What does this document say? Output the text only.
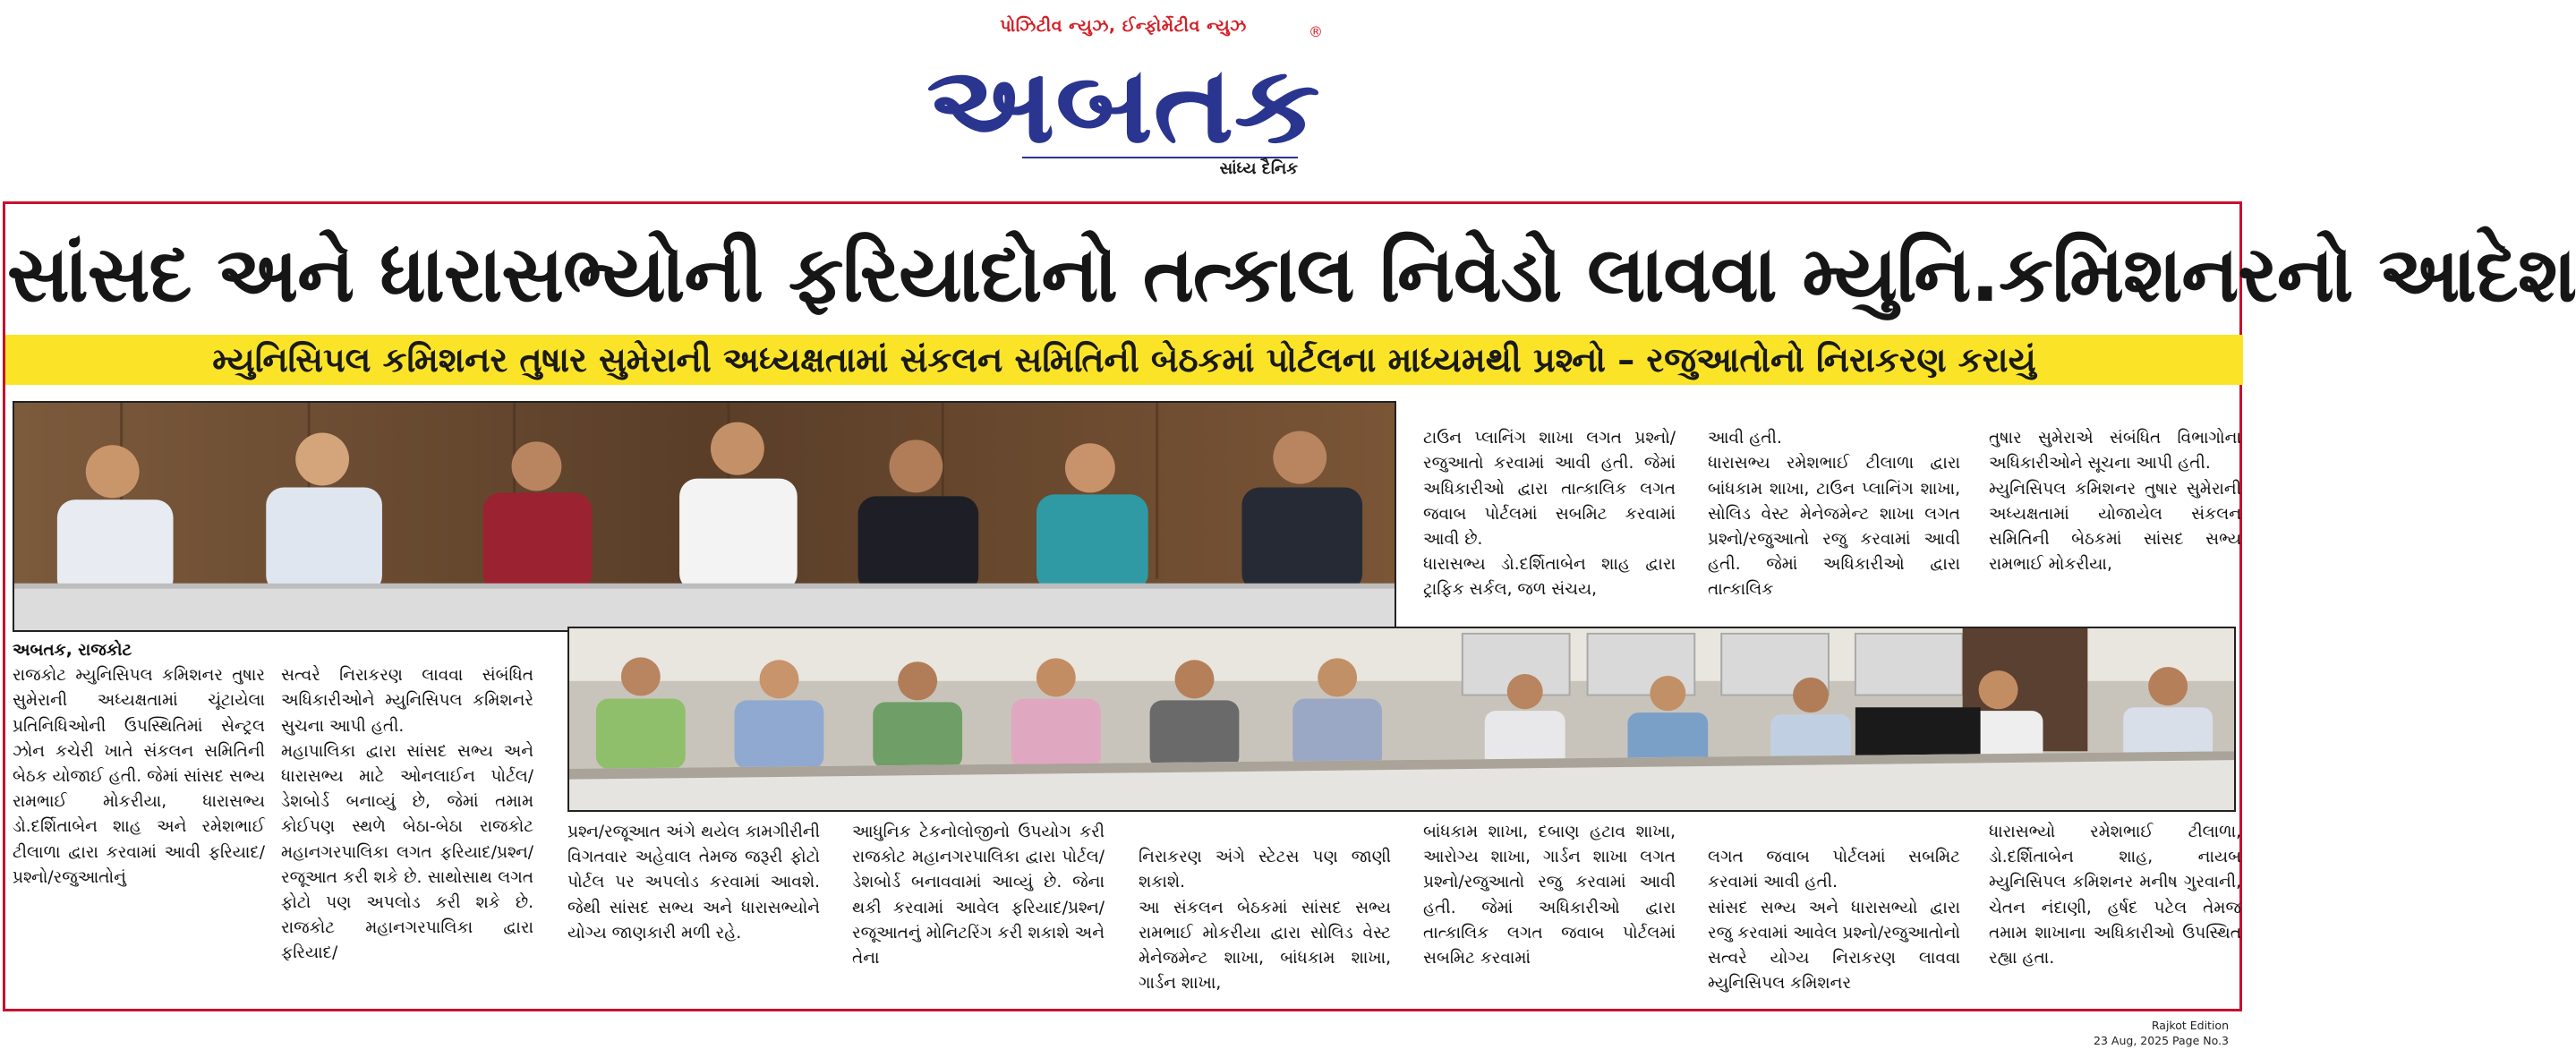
પોઝિટીવ ન્યુઝ, ઈન્ફોર્મેટીવ ન્યુઝ
અબતક
સાંધ્ય દૈનિક
®
સાંસદ અને ધારાસભ્યોની ફરિયાદોનો તત્કાલ નિવેડો લાવવા મ્યુનિ.કમિશનરનો આદેશ
મ્યુનિસિપલ કમિશનર તુષાર સુમેરાની અધ્યક્ષતામાં સંકલન સમિતિની બેઠકમાં પોર્ટલના માધ્યમથી પ્રશ્નો – રજુઆતોનો નિરાકરણ કરાયું

અબતક, રાજકોટ

રાજકોટ મ્યુનિસિપલ કમિશનર તુષાર સુમેરાની અધ્યક્ષતામાં ચૂંટાયેલા પ્રતિનિધિઓની ઉપસ્થિતિમાં સેન્ટ્રલ ઝોન કચેરી ખાતે સંકલન સમિતિની બેઠક યોજાઈ હતી. જેમાં સાંસદ સભ્ય રામભાઈ મોકરીયા, ધારાસભ્ય ડો.દર્શિતાબેન શાહ અને રમેશભાઈ ટીલાળા દ્વારા કરવામાં આવી ફરિયાદ/પ્રશ્નો/રજુઆતોનું

સત્વરે નિરાકરણ લાવવા સંબંધિત અધિકારીઓને મ્યુનિસિપલ કમિશનરે સુચના આપી હતી.
મહાપાલિકા દ્વારા સાંસદ સભ્ય અને ધારાસભ્ય માટે ઓનલાઈન પોર્ટલ/ડેશબોર્ડ બનાવ્યું છે, જેમાં તમામ કોઈપણ સ્થળે બેઠા-બેઠા રાજકોટ મહાનગરપાલિકા લગત ફરિયાદ/પ્રશ્ન/રજૂઆત કરી શકે છે. સાથોસાથ લગત ફોટો પણ અપલોડ કરી શકે છે. રાજકોટ મહાનગરપાલિકા દ્વારા ફરિયાદ/

પ્રશ્ન/રજૂઆત અંગે થયેલ કામગીરીની વિગતવાર અહેવાલ તેમજ જરૂરી ફોટો પોર્ટલ પર અપલોડ કરવામાં આવશે. જેથી સાંસદ સભ્ય અને ધારાસભ્યોને યોગ્ય જાણકારી મળી રહે.

આધુનિક ટેકનોલોજીનો ઉપયોગ કરી રાજકોટ મહાનગરપાલિકા દ્વારા પોર્ટલ/ડેશબોર્ડ બનાવવામાં આવ્યું છે. જેના થકી કરવામાં આવેલ ફરિયાદ/પ્રશ્ન/રજૂઆતનું મોનિટરિંગ કરી શકાશે અને તેના

ટાઉન પ્લાનિંગ શાખા લગત પ્રશ્નો/રજુઆતો કરવામાં આવી હતી. જેમાં અધિકારીઓ દ્વારા તાત્કાલિક લગત જવાબ પોર્ટલમાં સબમિટ કરવામાં આવી છે.
ધારાસભ્ય ડો.દર્શિતાબેન શાહ દ્વારા ટ્રાફિક સર્કલ, જળ સંચય,

નિરાકરણ અંગે સ્ટેટસ પણ જાણી શકાશે.
આ સંકલન બેઠકમાં સાંસદ સભ્ય રામભાઈ મોકરીયા દ્વારા સોલિડ વેસ્ટ મેનેજમેન્ટ શાખા, બાંધકામ શાખા, ગાર્ડન શાખા,

આવી હતી.
ધારાસભ્ય રમેશભાઈ ટીલાળા દ્વારા બાંધકામ શાખા, ટાઉન પ્લાનિંગ શાખા, સોલિડ વેસ્ટ મેનેજમેન્ટ શાખા લગત પ્રશ્નો/રજુઆતો રજુ કરવામાં આવી હતી. જેમાં અધિકારીઓ દ્વારા તાત્કાલિક

બાંધકામ શાખા, દબાણ હટાવ શાખા, આરોગ્ય શાખા, ગાર્ડન શાખા લગત પ્રશ્નો/રજુઆતો રજુ કરવામાં આવી હતી. જેમાં અધિકારીઓ દ્વારા તાત્કાલિક લગત જવાબ પોર્ટલમાં સબમિટ કરવામાં

તુષાર સુમેરાએ સંબંધિત વિભાગોના અધિકારીઓને સૂચના આપી હતી.
મ્યુનિસિપલ કમિશનર તુષાર સુમેરાની અધ્યક્ષતામાં યોજાયેલ સંકલન સમિતિની બેઠકમાં સાંસદ સભ્ય રામભાઈ મોકરીયા,

લગત જવાબ પોર્ટલમાં સબમિટ કરવામાં આવી હતી.
સાંસદ સભ્ય અને ધારાસભ્યો દ્વારા રજુ કરવામાં આવેલ પ્રશ્નો/રજુઆતોનો સત્વરે યોગ્ય નિરાકરણ લાવવા મ્યુનિસિપલ કમિશનર

ધારાસભ્યો રમેશભાઈ ટીલાળા, ડો.દર્શિતાબેન શાહ, નાયબ મ્યુનિસિપલ કમિશનર મનીષ ગુરવાની, ચેતન નંદાણી, હર્ષદ પટેલ તેમજ તમામ શાખાના અધિકારીઓ ઉપસ્થિત રહ્યા હતા.

Rajkot Edition
23 Aug, 2025 Page No.3
